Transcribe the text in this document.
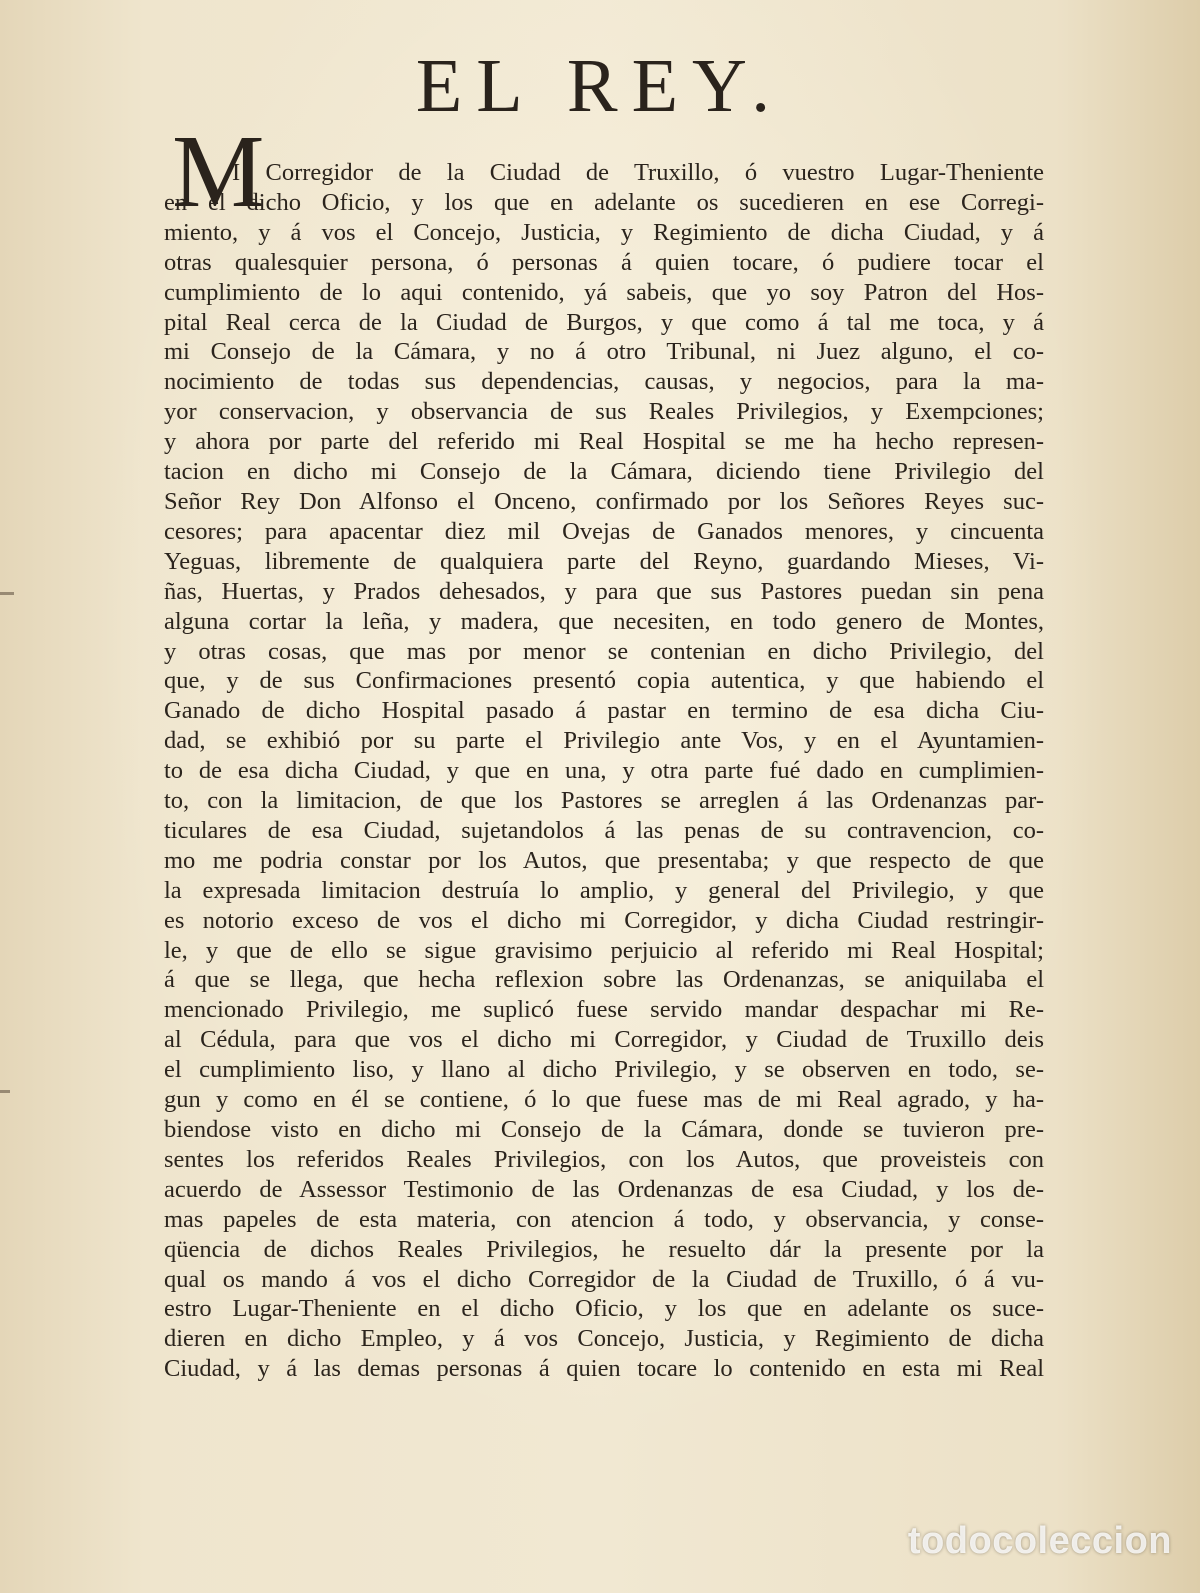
EL REY.
M
I Corregidor de la Ciudad de Truxillo, ó vuestro Lugar-Theniente
en el dicho Oficio, y los que en adelante os sucedieren en ese Corregi-
miento, y á vos el Concejo, Justicia, y Regimiento de dicha Ciudad, y á
otras qualesquier persona, ó personas á quien tocare, ó pudiere tocar el
cumplimiento de lo aqui contenido, yá sabeis, que yo soy Patron del Hos-
pital Real cerca de la Ciudad de Burgos, y que como á tal me toca, y á
mi Consejo de la Cámara, y no á otro Tribunal, ni Juez alguno, el co-
nocimiento de todas sus dependencias, causas, y negocios, para la ma-
yor conservacion, y observancia de sus Reales Privilegios, y Exempciones;
y ahora por parte del referido mi Real Hospital se me ha hecho represen-
tacion en dicho mi Consejo de la Cámara, diciendo tiene Privilegio del
Señor Rey Don Alfonso el Onceno, confirmado por los Señores Reyes suc-
cesores; para apacentar diez mil Ovejas de Ganados menores, y cincuenta
Yeguas, libremente de qualquiera parte del Reyno, guardando Mieses, Vi-
ñas, Huertas, y Prados dehesados, y para que sus Pastores puedan sin pena
alguna cortar la leña, y madera, que necesiten, en todo genero de Montes,
y otras cosas, que mas por menor se contenian en dicho Privilegio, del
que, y de sus Confirmaciones presentó copia autentica, y que habiendo el
Ganado de dicho Hospital pasado á pastar en termino de esa dicha Ciu-
dad, se exhibió por su parte el Privilegio ante Vos, y en el Ayuntamien-
to de esa dicha Ciudad, y que en una, y otra parte fué dado en cumplimien-
to, con la limitacion, de que los Pastores se arreglen á las Ordenanzas par-
ticulares de esa Ciudad, sujetandolos á las penas de su contravencion, co-
mo me podria constar por los Autos, que presentaba; y que respecto de que
la expresada limitacion destruía lo amplio, y general del Privilegio, y que
es notorio exceso de vos el dicho mi Corregidor, y dicha Ciudad restringir-
le, y que de ello se sigue gravisimo perjuicio al referido mi Real Hospital;
á que se llega, que hecha reflexion sobre las Ordenanzas, se aniquilaba el
mencionado Privilegio, me suplicó fuese servido mandar despachar mi Re-
al Cédula, para que vos el dicho mi Corregidor, y Ciudad de Truxillo deis
el cumplimiento liso, y llano al dicho Privilegio, y se observen en todo, se-
gun y como en él se contiene, ó lo que fuese mas de mi Real agrado, y ha-
biendose visto en dicho mi Consejo de la Cámara, donde se tuvieron pre-
sentes los referidos Reales Privilegios, con los Autos, que proveisteis con
acuerdo de Assessor Testimonio de las Ordenanzas de esa Ciudad, y los de-
mas papeles de esta materia, con atencion á todo, y observancia, y conse-
qüencia de dichos Reales Privilegios, he resuelto dár la presente por la
qual os mando á vos el dicho Corregidor de la Ciudad de Truxillo, ó á vu-
estro Lugar-Theniente en el dicho Oficio, y los que en adelante os suce-
dieren en dicho Empleo, y á vos Concejo, Justicia, y Regimiento de dicha
Ciudad, y á las demas personas á quien tocare lo contenido en esta mi Real
todocoleccion
